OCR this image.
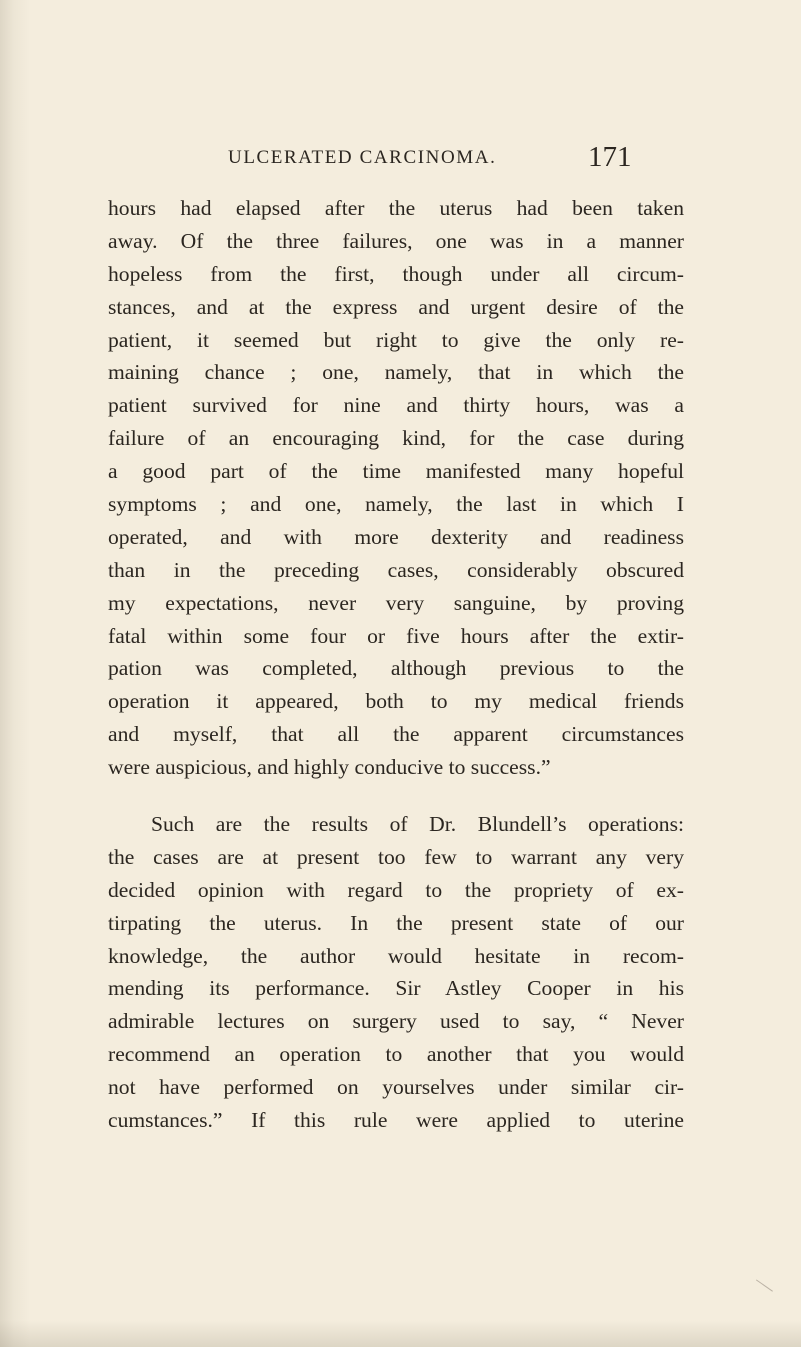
ULCERATED CARCINOMA.	171
hours had elapsed after the uterus had been taken
away. Of the three failures, one was in a manner
hopeless from the first, though under all circum-
stances, and at the express and urgent desire of the
patient, it seemed but right to give the only re-
maining chance ; one, namely, that in which the
patient survived for nine and thirty hours, was a
failure of an encouraging kind, for the case during
a good part of the time manifested many hopeful
symptoms ; and one, namely, the last in which I
operated, and with more dexterity and readiness
than in the preceding cases, considerably obscured
my expectations, never very sanguine, by proving
fatal within some four or five hours after the extir-
pation was completed, although previous to the
operation it appeared, both to my medical friends
and myself, that all the apparent circumstances
were auspicious, and highly conducive to success.”
Such are the results of Dr. Blundell’s operations:
the cases are at present too few to warrant any very
decided opinion with regard to the propriety of ex-
tirpating the uterus. In the present state of our
knowledge, the author would hesitate in recom-
mending its performance. Sir Astley Cooper in his
admirable lectures on surgery used to say, “ Never
recommend an operation to another that you would
not have performed on yourselves under similar cir-
cumstances.” If this rule were applied to uterine
